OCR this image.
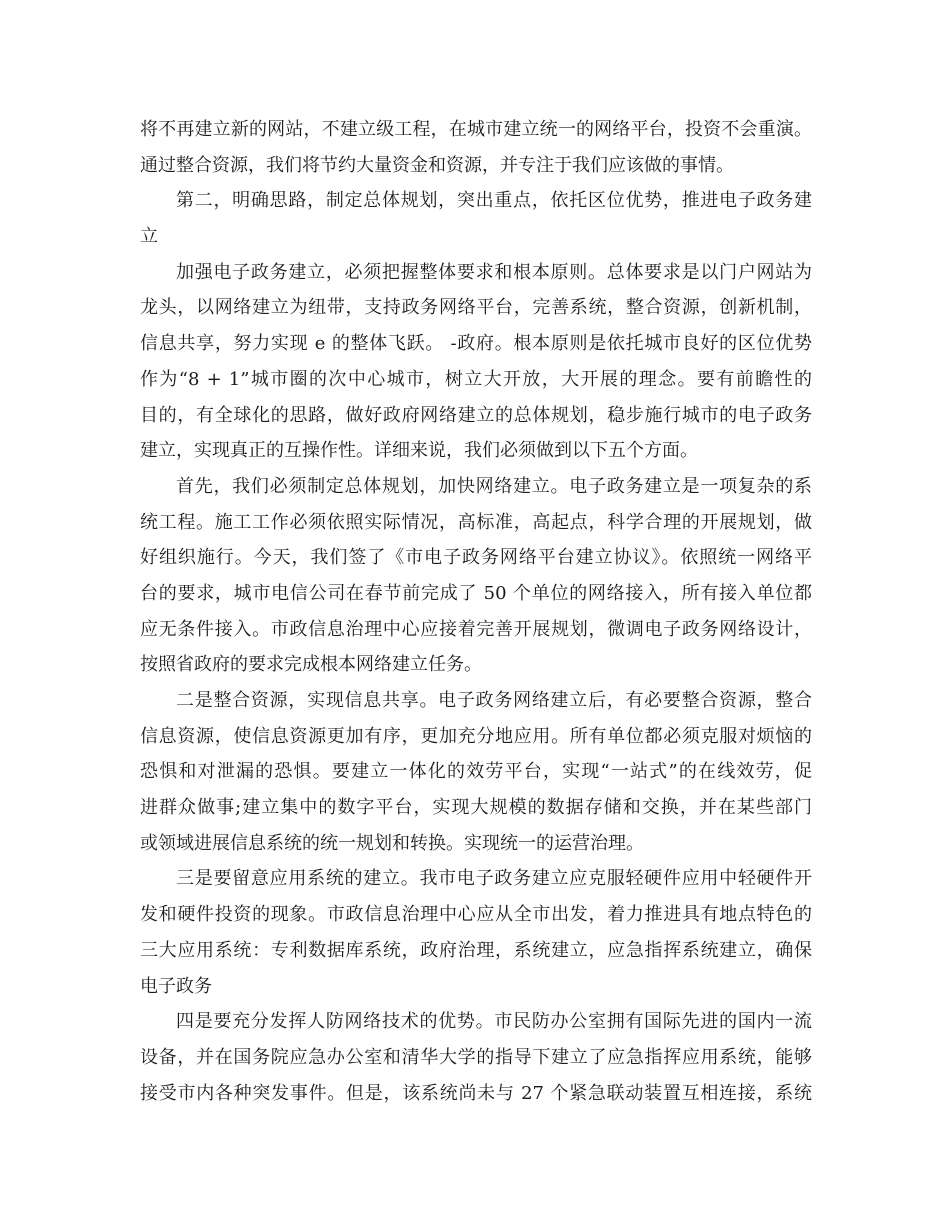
将不再建立新的网站，不建立级工程，在城市建立统一的网络平台，投资不会重演。
通过整合资源，我们将节约大量资金和资源，并专注于我们应该做的事情。
第二，明确思路，制定总体规划，突出重点，依托区位优势，推进电子政务建
立
加强电子政务建立，必须把握整体要求和根本原则。总体要求是以门户网站为
龙头，以网络建立为纽带，支持政务网络平台，完善系统，整合资源，创新机制，
信息共享，努力实现 e 的整体飞跃。 -政府。根本原则是依托城市良好的区位优势
作为“8 + 1”城市圈的次中心城市，树立大开放，大开展的理念。要有前瞻性的
目的，有全球化的思路，做好政府网络建立的总体规划，稳步施行城市的电子政务
建立，实现真正的互操作性。详细来说，我们必须做到以下五个方面。
首先，我们必须制定总体规划，加快网络建立。电子政务建立是一项复杂的系
统工程。施工工作必须依照实际情况，高标准，高起点，科学合理的开展规划，做
好组织施行。今天，我们签了《市电子政务网络平台建立协议》。依照统一网络平
台的要求，城市电信公司在春节前完成了 50 个单位的网络接入，所有接入单位都
应无条件接入。市政信息治理中心应接着完善开展规划，微调电子政务网络设计，
按照省政府的要求完成根本网络建立任务。
二是整合资源，实现信息共享。电子政务网络建立后，有必要整合资源，整合
信息资源，使信息资源更加有序，更加充分地应用。所有单位都必须克服对烦恼的
恐惧和对泄漏的恐惧。要建立一体化的效劳平台，实现“一站式”的在线效劳，促
进群众做事;建立集中的数字平台，实现大规模的数据存储和交换，并在某些部门
或领域进展信息系统的统一规划和转换。实现统一的运营治理。
三是要留意应用系统的建立。我市电子政务建立应克服轻硬件应用中轻硬件开
发和硬件投资的现象。市政信息治理中心应从全市出发，着力推进具有地点特色的
三大应用系统：专利数据库系统，政府治理，系统建立，应急指挥系统建立，确保
电子政务
四是要充分发挥人防网络技术的优势。市民防办公室拥有国际先进的国内一流
设备，并在国务院应急办公室和清华大学的指导下建立了应急指挥应用系统，能够
接受市内各种突发事件。但是，该系统尚未与 27 个紧急联动装置互相连接，系统
